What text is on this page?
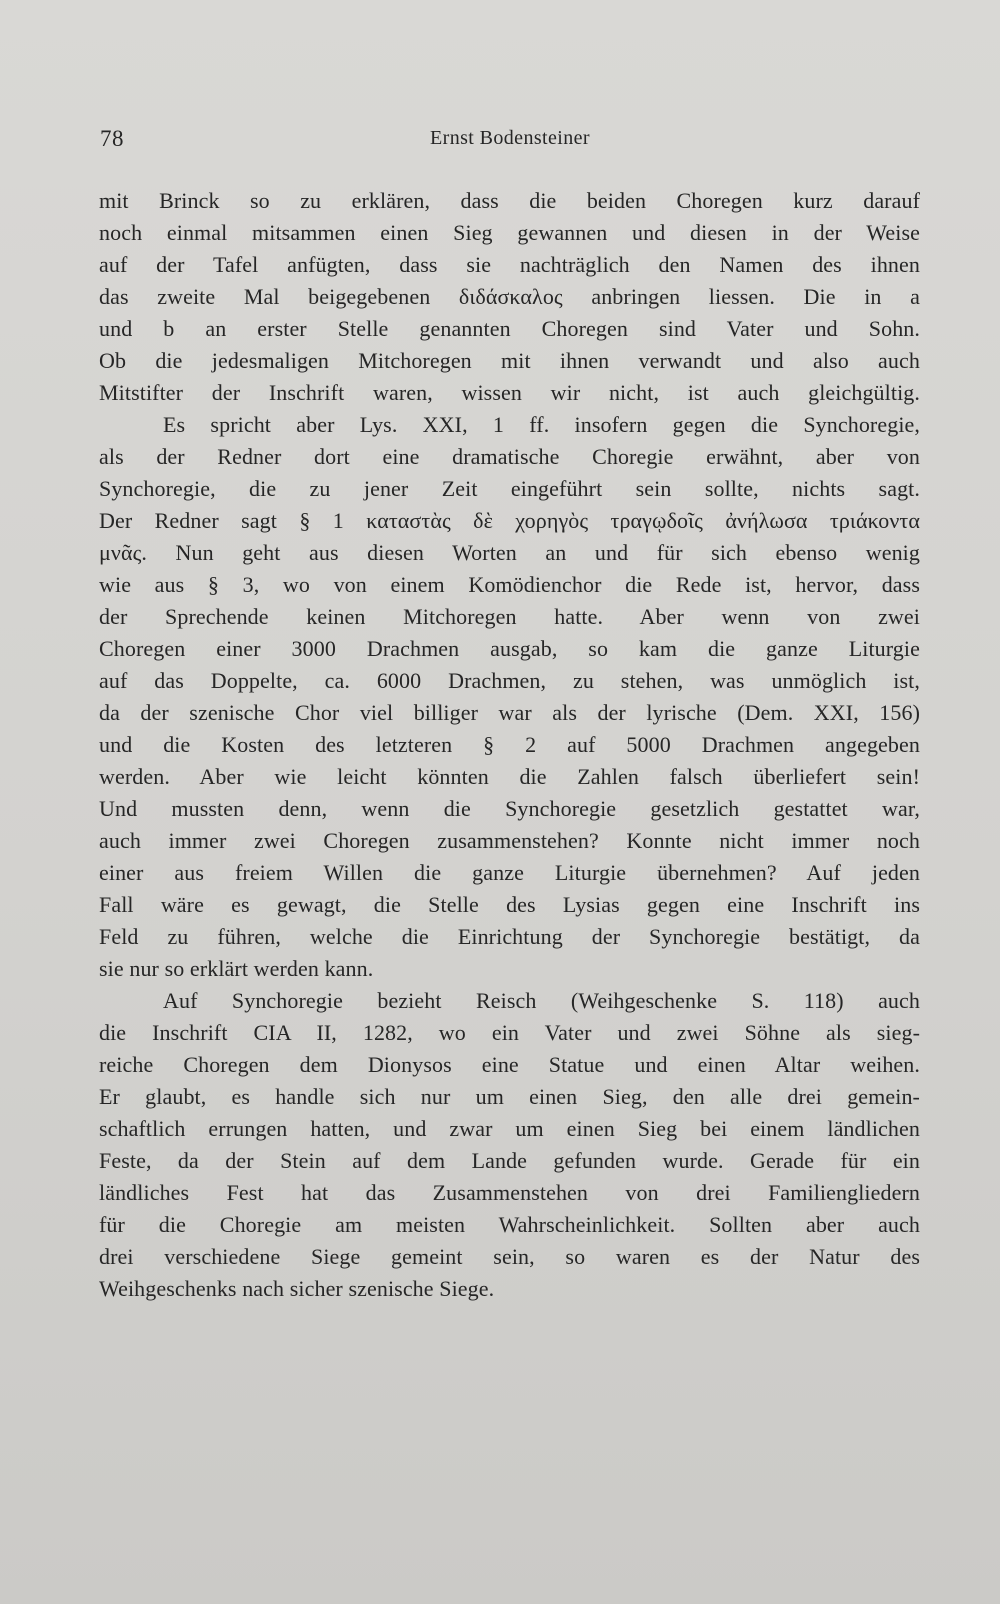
78	Ernst Bodensteiner
mit Brinck so zu erklären, dass die beiden Choregen kurz darauf
noch einmal mitsammen einen Sieg gewannen und diesen in der Weise
auf der Tafel anfügten, dass sie nachträglich den Namen des ihnen
das zweite Mal beigegebenen διδάσκαλος anbringen liessen. Die in a
und b an erster Stelle genannten Choregen sind Vater und Sohn.
Ob die jedesmaligen Mitchoregen mit ihnen verwandt und also auch
Mitstifter der Inschrift waren, wissen wir nicht, ist auch gleichgültig.
Es spricht aber Lys. XXI, 1 ff. insofern gegen die Synchoregie,
als der Redner dort eine dramatische Choregie erwähnt, aber von
Synchoregie, die zu jener Zeit eingeführt sein sollte, nichts sagt.
Der Redner sagt § 1 καταστὰς δὲ χορηγὸς τραγῳδοῖς ἀνήλωσα τριάκοντα
μνᾶς. Nun geht aus diesen Worten an und für sich ebenso wenig
wie aus § 3, wo von einem Komödienchor die Rede ist, hervor, dass
der Sprechende keinen Mitchoregen hatte. Aber wenn von zwei
Choregen einer 3000 Drachmen ausgab, so kam die ganze Liturgie
auf das Doppelte, ca. 6000 Drachmen, zu stehen, was unmöglich ist,
da der szenische Chor viel billiger war als der lyrische (Dem. XXI, 156)
und die Kosten des letzteren § 2 auf 5000 Drachmen angegeben
werden. Aber wie leicht könnten die Zahlen falsch überliefert sein!
Und mussten denn, wenn die Synchoregie gesetzlich gestattet war,
auch immer zwei Choregen zusammenstehen? Konnte nicht immer noch
einer aus freiem Willen die ganze Liturgie übernehmen? Auf jeden
Fall wäre es gewagt, die Stelle des Lysias gegen eine Inschrift ins
Feld zu führen, welche die Einrichtung der Synchoregie bestätigt, da
sie nur so erklärt werden kann.
Auf Synchoregie bezieht Reisch (Weihgeschenke S. 118) auch
die Inschrift CIA II, 1282, wo ein Vater und zwei Söhne als sieg-
reiche Choregen dem Dionysos eine Statue und einen Altar weihen.
Er glaubt, es handle sich nur um einen Sieg, den alle drei gemein-
schaftlich errungen hatten, und zwar um einen Sieg bei einem ländlichen
Feste, da der Stein auf dem Lande gefunden wurde. Gerade für ein
ländliches Fest hat das Zusammenstehen von drei Familiengliedern
für die Choregie am meisten Wahrscheinlichkeit. Sollten aber auch
drei verschiedene Siege gemeint sein, so waren es der Natur des
Weihgeschenks nach sicher szenische Siege.
